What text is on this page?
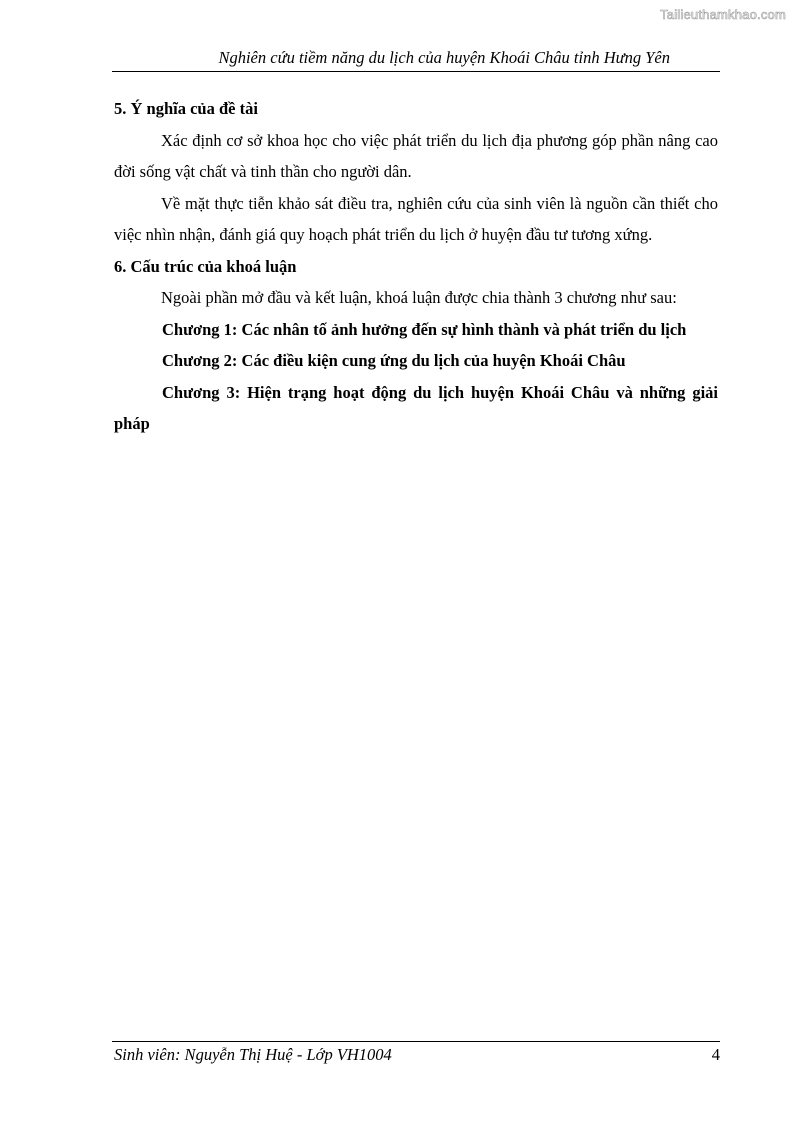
Tailieuthamkhao.com
Nghiên cứu tiềm năng du lịch của huyện Khoái Châu tỉnh Hưng Yên

5. Ý nghĩa của đề tài

Xác định cơ sở khoa học cho việc phát triển du lịch địa phương góp phần nâng cao đời sống vật chất và tinh thần cho người dân.

Về mặt thực tiễn khảo sát điều tra, nghiên cứu của sinh viên là nguồn cần thiết cho việc nhìn nhận, đánh giá quy hoạch phát triển du lịch ở huyện đầu tư tương xứng.

6. Cấu trúc của khoá luận

Ngoài phần mở đầu và kết luận, khoá luận được chia thành 3 chương như sau:

Chương 1: Các nhân tố ảnh hưởng đến sự hình thành và phát triển du lịch

Chương 2: Các điều kiện cung ứng du lịch của huyện Khoái Châu

Chương 3: Hiện trạng hoạt động du lịch huyện Khoái Châu và những giải pháp

Sinh viên: Nguyễn Thị Huệ - Lớp VH1004	4
